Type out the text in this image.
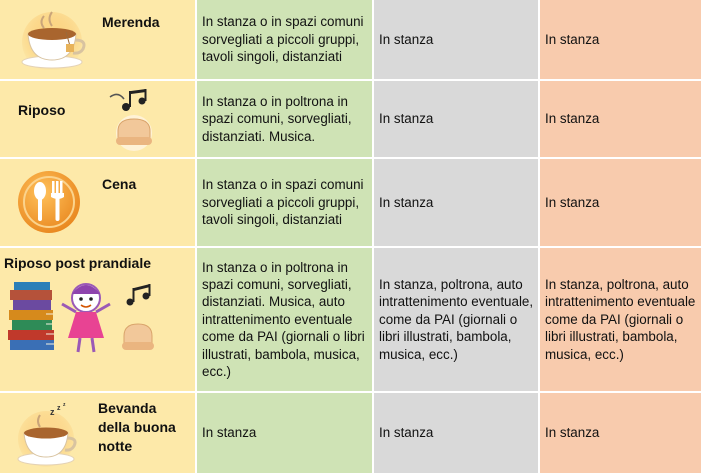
Merenda	In stanza o in spazi comuni sorvegliati a piccoli gruppi, tavoli singoli, distanziati	In stanza	In stanza

Riposo	In stanza o in poltrona in spazi comuni, sorvegliati, distanziati. Musica.	In stanza	In stanza

Cena	In stanza o in spazi comuni sorvegliati a piccoli gruppi, tavoli singoli, distanziati	In stanza	In stanza

Riposo post prandiale	In stanza o in poltrona in spazi comuni, sorvegliati, distanziati. Musica, auto intrattenimento eventuale come da PAI (giornali o libri illustrati, bambola, musica, ecc.)	In stanza, poltrona, auto intrattenimento eventuale, come da PAI (giornali o libri illustrati, bambola, musica, ecc.)	In stanza, poltrona, auto intrattenimento eventuale come da PAI (giornali o libri illustrati, bambola, musica, ecc.)

z z z Bevanda della buona notte	In stanza	In stanza	In stanza
